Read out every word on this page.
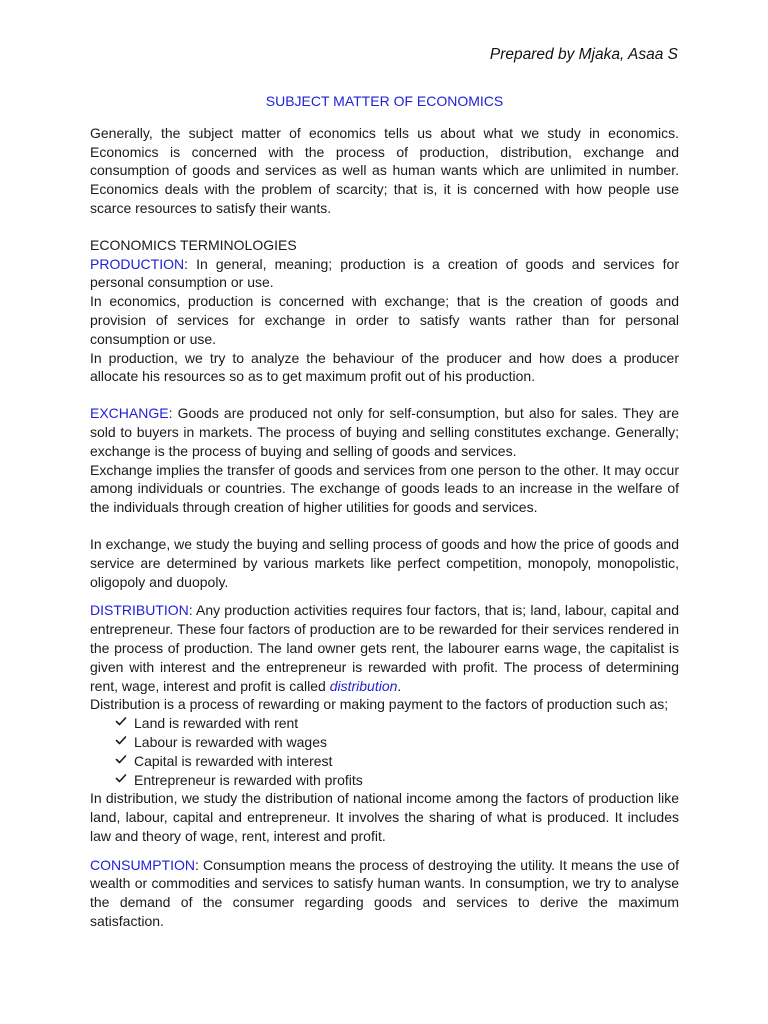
Prepared by Mjaka, Asaa S
SUBJECT MATTER OF ECONOMICS

Generally, the subject matter of economics tells us about what we study in economics. Economics is concerned with the process of production, distribution, exchange and consumption of goods and services as well as human wants which are unlimited in number. Economics deals with the problem of scarcity; that is, it is concerned with how people use scarce resources to satisfy their wants.

ECONOMICS TERMINOLOGIES

PRODUCTION: In general, meaning; production is a creation of goods and services for personal consumption or use.

In economics, production is concerned with exchange; that is the creation of goods and provision of services for exchange in order to satisfy wants rather than for personal consumption or use.

In production, we try to analyze the behaviour of the producer and how does a producer allocate his resources so as to get maximum profit out of his production.

EXCHANGE: Goods are produced not only for self-consumption, but also for sales. They are sold to buyers in markets. The process of buying and selling constitutes exchange. Generally; exchange is the process of buying and selling of goods and services.

Exchange implies the transfer of goods and services from one person to the other. It may occur among individuals or countries. The exchange of goods leads to an increase in the welfare of the individuals through creation of higher utilities for goods and services.

In exchange, we study the buying and selling process of goods and how the price of goods and service are determined by various markets like perfect competition, monopoly, monopolistic, oligopoly and duopoly.

DISTRIBUTION: Any production activities requires four factors, that is; land, labour, capital and entrepreneur. These four factors of production are to be rewarded for their services rendered in the process of production. The land owner gets rent, the labourer earns wage, the capitalist is given with interest and the entrepreneur is rewarded with profit. The process of determining rent, wage, interest and profit is called distribution.

Distribution is a process of rewarding or making payment to the factors of production such as;

Land is rewarded with rent
Labour is rewarded with wages
Capital is rewarded with interest
Entrepreneur is rewarded with profits

In distribution, we study the distribution of national income among the factors of production like land, labour, capital and entrepreneur. It involves the sharing of what is produced. It includes law and theory of wage, rent, interest and profit.

CONSUMPTION: Consumption means the process of destroying the utility. It means the use of wealth or commodities and services to satisfy human wants. In consumption, we try to analyse the demand of the consumer regarding goods and services to derive the maximum satisfaction.
